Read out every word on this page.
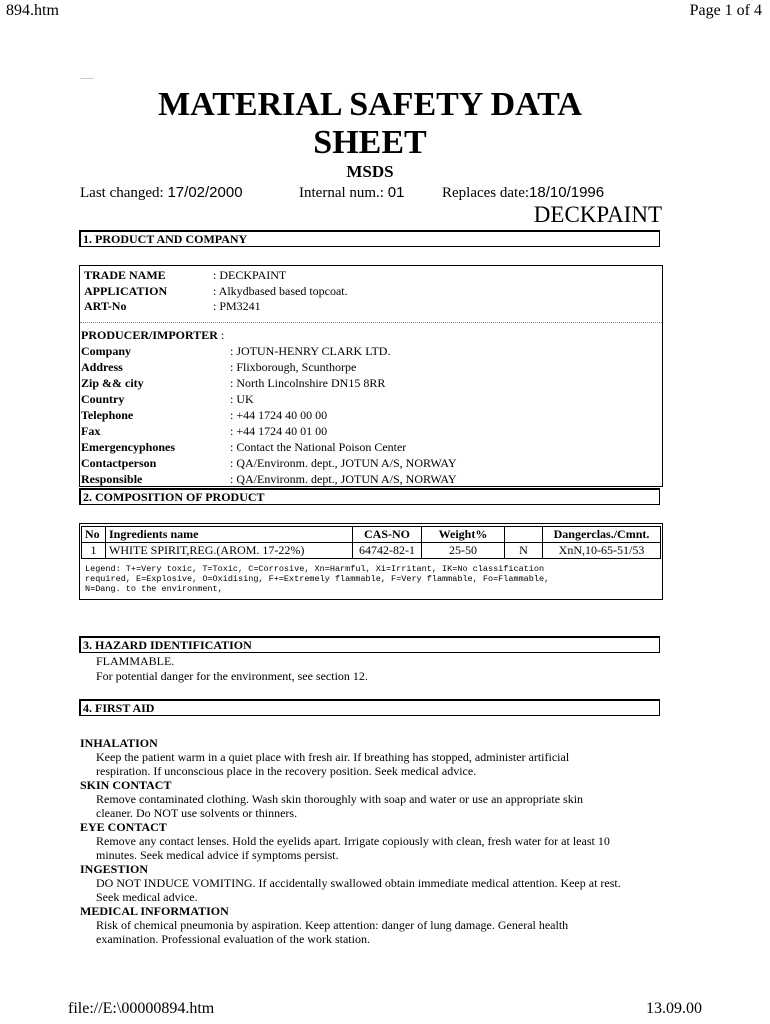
894.htm	Page 1 of 4
MATERIAL SAFETY DATA
SHEET
MSDS
Last changed: 17/02/2000	Internal num.: 01	Replaces date:18/10/1996
DECKPAINT
1. PRODUCT AND COMPANY
TRADE NAME	: DECKPAINT
APPLICATION	: Alkydbased based topcoat.
ART-No	: PM3241
PRODUCER/IMPORTER :
Company	: JOTUN-HENRY CLARK LTD.
Address	: Flixborough, Scunthorpe
Zip && city	: North Lincolnshire DN15 8RR
Country	: UK
Telephone	: +44 1724 40 00 00
Fax	: +44 1724 40 01 00
Emergencyphones	: Contact the National Poison Center
Contactperson	: QA/Environm. dept., JOTUN A/S, NORWAY
Responsible	: QA/Environm. dept., JOTUN A/S, NORWAY
2. COMPOSITION OF PRODUCT
No	Ingredients name	CAS-NO	Weight%		Dangerclas./Cmnt.
1	WHITE SPIRIT,REG.(AROM. 17-22%)	64742-82-1	25-50	N	XnN,10-65-51/53
Legend: T+=Very toxic, T=Toxic, C=Corrosive, Xn=Harmful, Xi=Irritant, IK=No classification
required, E=Explosive, O=Oxidising, F+=Extremely flammable, F=Very flammable, Fo=Flammable,
N=Dang. to the environment,
3. HAZARD IDENTIFICATION
FLAMMABLE.
For potential danger for the environment, see section 12.
4. FIRST AID
INHALATION
Keep the patient warm in a quiet place with fresh air. If breathing has stopped, administer artificial
respiration. If unconscious place in the recovery position. Seek medical advice.
SKIN CONTACT
Remove contaminated clothing. Wash skin thoroughly with soap and water or use an appropriate skin
cleaner. Do NOT use solvents or thinners.
EYE CONTACT
Remove any contact lenses. Hold the eyelids apart. Irrigate copiously with clean, fresh water for at least 10
minutes. Seek medical advice if symptoms persist.
INGESTION
DO NOT INDUCE VOMITING. If accidentally swallowed obtain immediate medical attention. Keep at rest.
Seek medical advice.
MEDICAL INFORMATION
Risk of chemical pneumonia by aspiration. Keep attention: danger of lung damage. General health
examination. Professional evaluation of the work station.
file://E:\00000894.htm	13.09.00
